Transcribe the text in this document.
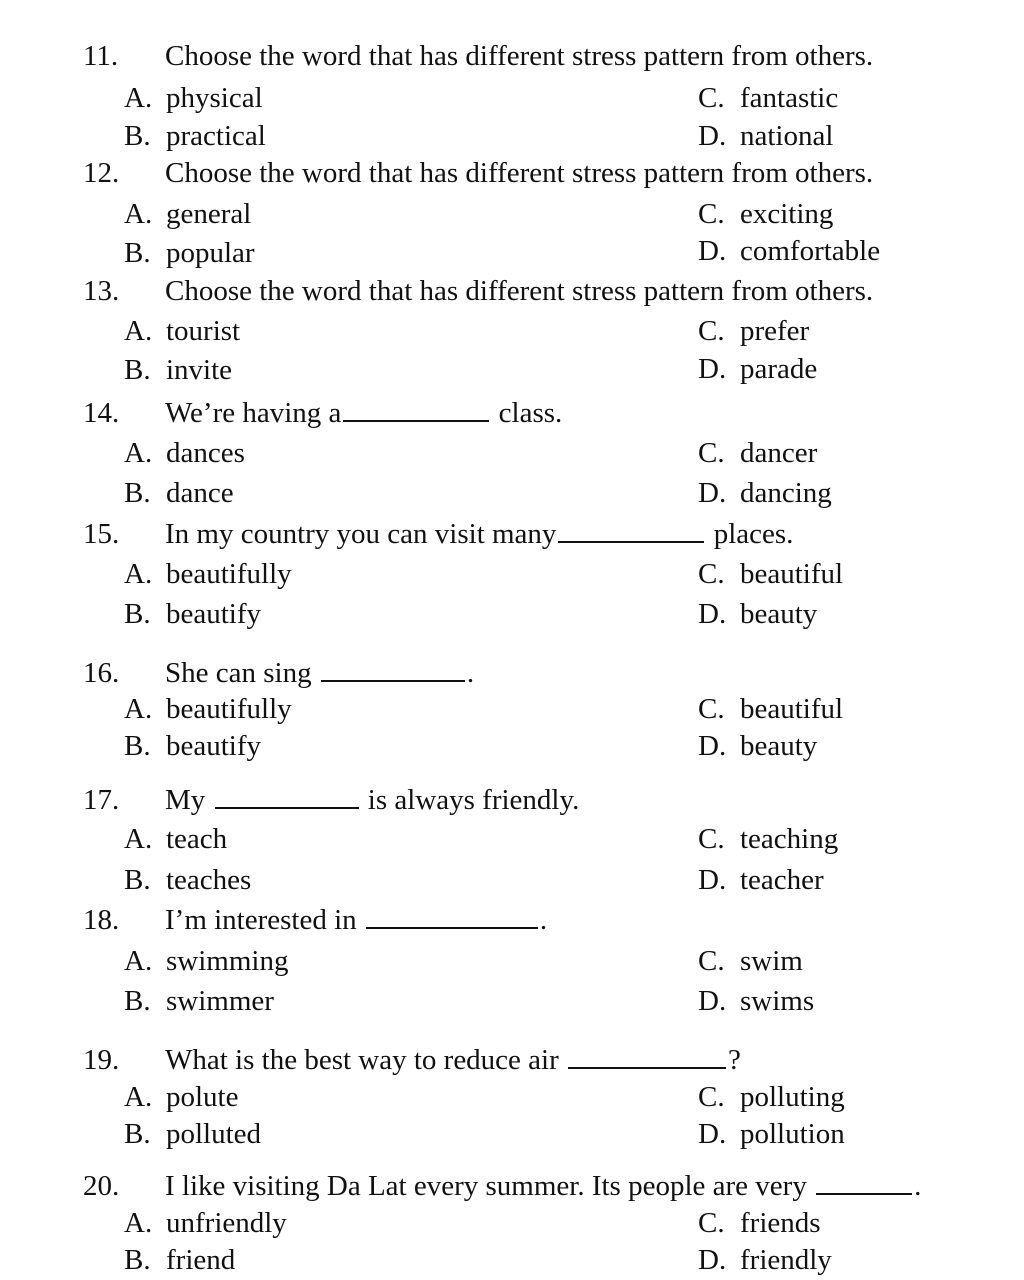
11. Choose the word that has different stress pattern from others.
A. physical
B. practical
C. fantastic
D. national
12. Choose the word that has different stress pattern from others.
A. general
B. popular
C. exciting
D. comfortable
13. Choose the word that has different stress pattern from others.
A. tourist
B. invite
C. prefer
D. parade
14. We’re having a	class.
A. dances
B. dance
C. dancer
D. dancing
15. In my country you can visit many	places.
A. beautifully
B. beautify
C. beautiful
D. beauty
16. She can sing	.
A. beautifully
B. beautify
C. beautiful
D. beauty
17. My	is always friendly.
A. teach
B. teaches
C. teaching
D. teacher
18. I’m interested in	.
A. swimming
B. swimmer
C. swim
D. swims
19. What is the best way to reduce air	?
A. polute
B. polluted
C. polluting
D. pollution
20. I like visiting Da Lat every summer. Its people are very	.
A. unfriendly
B. friend
C. friends
D. friendly
